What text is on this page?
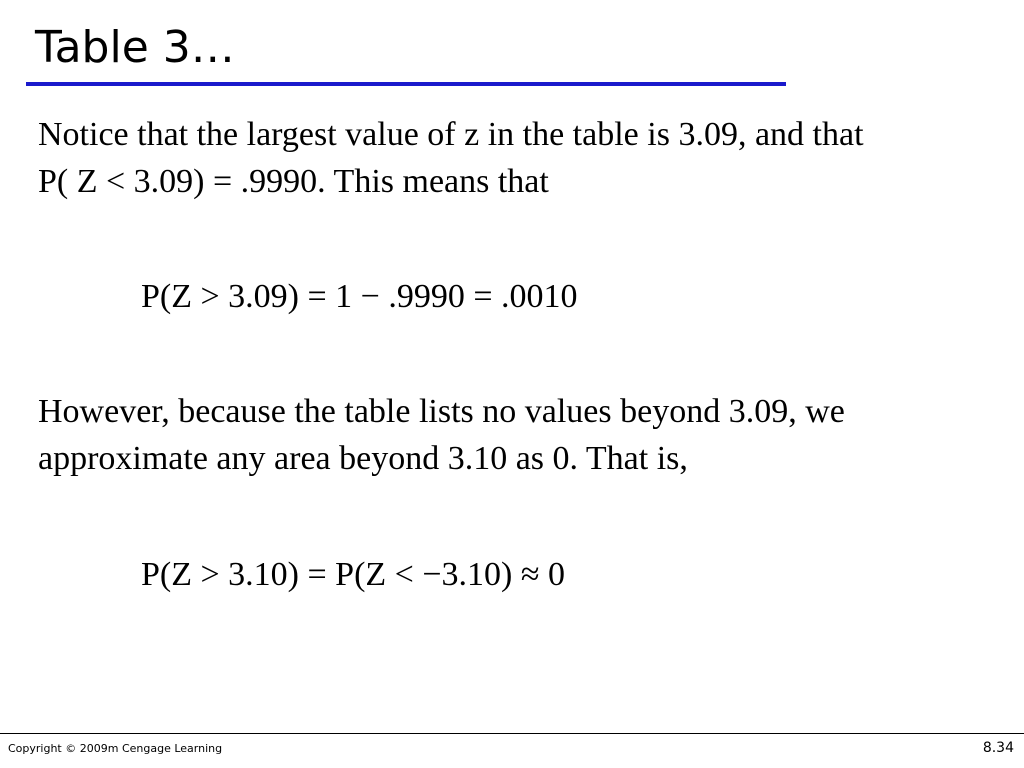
Table 3…
Notice that the largest value of z in the table is 3.09, and that
P( Z < 3.09) = .9990. This means that
P(Z > 3.09) = 1 − .9990 = .0010
However, because the table lists no values beyond 3.09, we
approximate any area beyond 3.10 as 0. That is,
P(Z > 3.10) = P(Z < −3.10) ≈ 0
Copyright © 2009m Cengage Learning	8.34
